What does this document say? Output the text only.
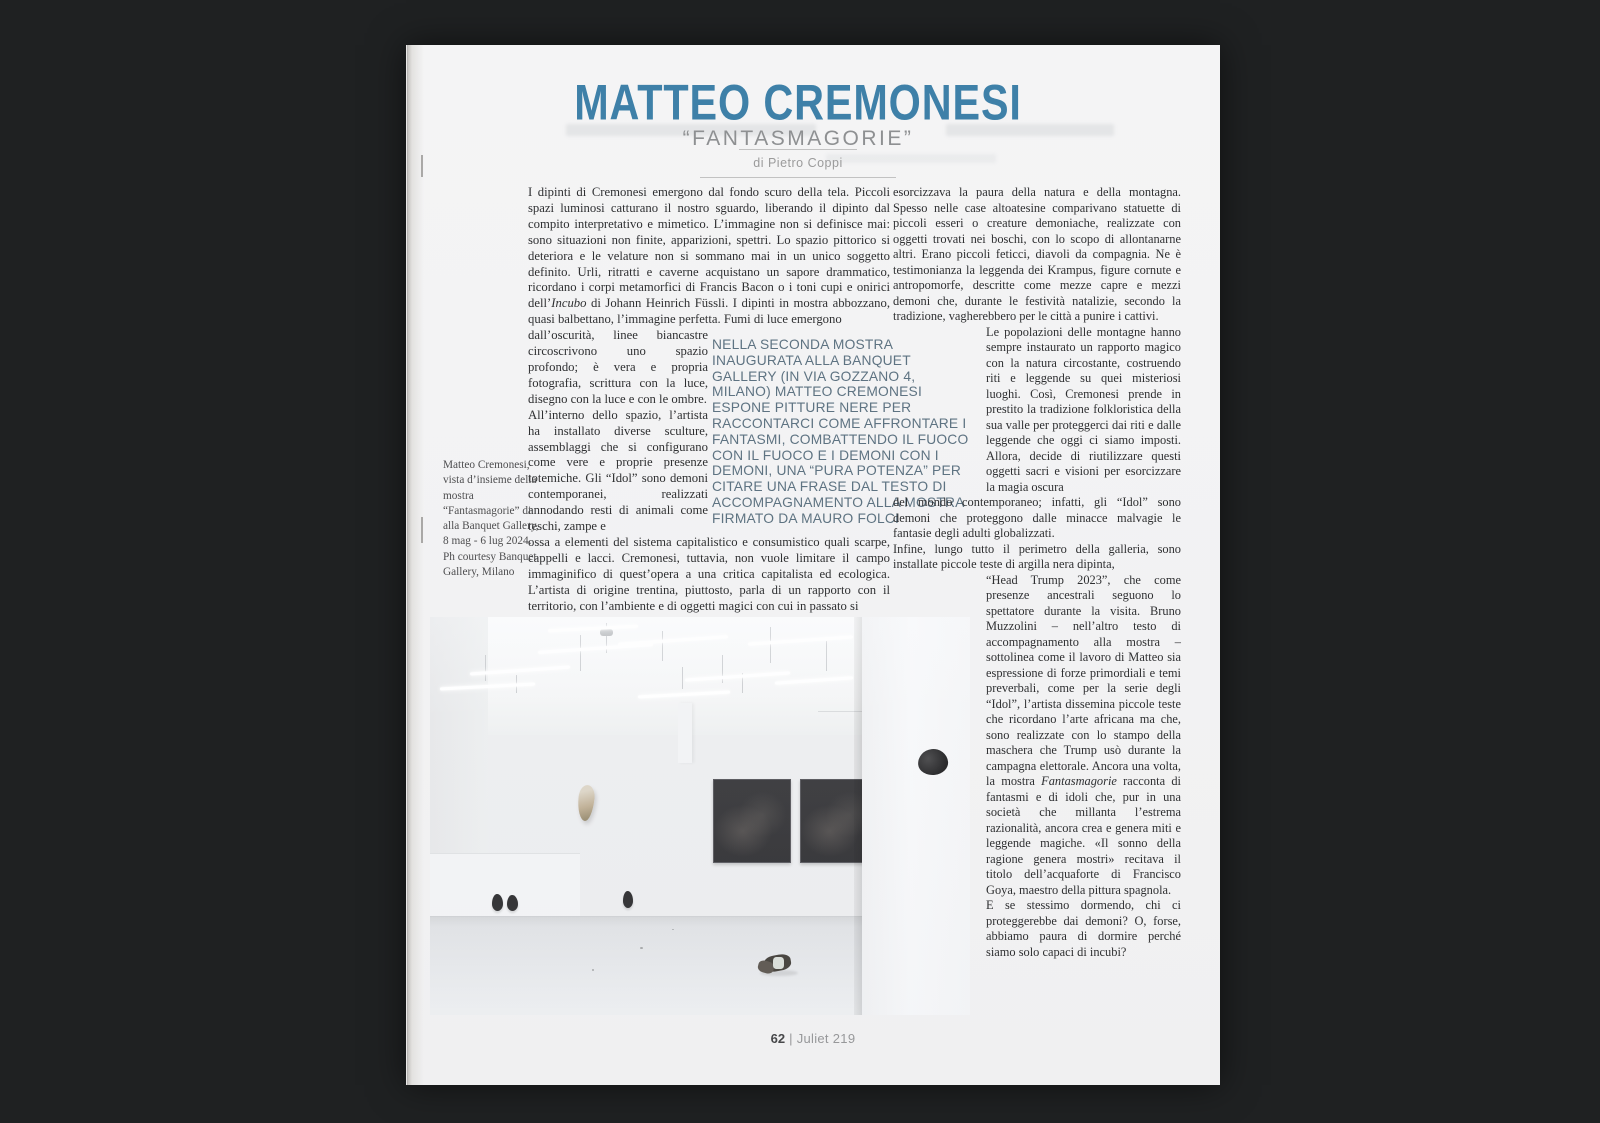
MATTEO CREMONESI
“FANTASMAGORIE”
di Pietro Coppi

I dipinti di Cremonesi emergono dal fondo scuro della tela. Piccoli spazi luminosi catturano il nostro sguardo, liberando il dipinto dal compito interpretativo e mimetico. L’immagine non si definisce mai: sono situazioni non finite, apparizioni, spettri. Lo spazio pittorico si deteriora e le velature non si sommano mai in un unico soggetto definito. Urli, ritratti e caverne acquistano un sapore drammatico, ricordano i corpi metamorfici di Francis Bacon o i toni cupi e onirici dell’Incubo di Johann Heinrich Füssli. I dipinti in mostra abbozzano, quasi balbettano, l’immagine perfetta. Fumi di luce emergono

dall’oscurità, linee biancastre circoscrivono uno spazio profondo; è vera e propria fotografia, scrittura con la luce, disegno con la luce e con le ombre.

All’interno dello spazio, l’artista ha installato diverse sculture, assemblaggi che si configurano come vere e proprie presenze totemiche. Gli “Idol” sono demoni contemporanei, realizzati annodando resti di animali come teschi, zampe e

ossa a elementi del sistema capitalistico e consumistico quali scarpe, cappelli e lacci. Cremonesi, tuttavia, non vuole limitare il campo immaginifico di quest’opera a una critica capitalista ed ecologica. L’artista di origine trentina, piuttosto, parla di un rapporto con il territorio, con l’ambiente e di oggetti magici con cui in passato si

NELLA SECONDA MOSTRA INAUGURATA ALLA BANQUET GALLERY (IN VIA GOZZANO 4, MILANO) MATTEO CREMONESI ESPONE PITTURE NERE PER RACCONTARCI COME AFFRONTARE I FANTASMI, COMBATTENDO IL FUOCO CON IL FUOCO E I DEMONI CON I DEMONI, UNA “PURA POTENZA” PER CITARE UNA FRASE DAL TESTO DI ACCOMPAGNAMENTO ALLA MOSTRA FIRMATO DA MAURO FOLCI

esorcizzava la paura della natura e della montagna. Spesso nelle case altoatesine comparivano statuette di piccoli esseri o creature demoniache, realizzate con oggetti trovati nei boschi, con lo scopo di allontanarne altri. Erano piccoli feticci, diavoli da compagnia. Ne è testimonianza la leggenda dei Krampus, figure cornute e antropomorfe, descritte come mezze capre e mezzi demoni che, durante le festività natalizie, secondo la tradizione, vagherebbero per le città a punire i cattivi.

Le popolazioni delle montagne hanno sempre instaurato un rapporto magico con la natura circostante, costruendo riti e leggende su quei misteriosi luoghi. Così, Cremonesi prende in prestito la tradizione folkloristica della sua valle per proteggerci dai riti e dalle leggende che oggi ci siamo imposti. Allora, decide di riutilizzare questi oggetti sacri e visioni per esorcizzare la magia oscura

del mondo contemporaneo; infatti, gli “Idol” sono demoni che proteggono dalle minacce malvagie le fantasie degli adulti globalizzati.

Infine, lungo tutto il perimetro della galleria, sono installate piccole teste di argilla nera dipinta,

“Head Trump 2023”, che come presenze ancestrali seguono lo spettatore durante la visita. Bruno Muzzolini – nell’altro testo di accompagnamento alla mostra – sottolinea come il lavoro di Matteo sia espressione di forze primordiali e temi preverbali, come per la serie degli “Idol”, l’artista dissemina piccole teste che ricordano l’arte africana ma che, sono realizzate con lo stampo della maschera che Trump usò durante la campagna elettorale. Ancora una volta, la mostra Fantasmagorie racconta di fantasmi e di idoli che, pur in una società che millanta l’estrema razionalità, ancora crea e genera miti e leggende magiche. «Il sonno della ragione genera mostri» recitava il titolo dell’acquaforte di Francisco Goya, maestro della pittura spagnola.

E se stessimo dormendo, chi ci proteggerebbe dai demoni? O, forse, abbiamo paura di dormire perché siamo solo capaci di incubi?

Matteo Cremonesi, vista d’insieme della mostra “Fantasmagorie” di alla Banquet Gallery, 8 mag - 6 lug 2024. Ph courtesy Banquet Gallery, Milano
62 | Juliet 219
